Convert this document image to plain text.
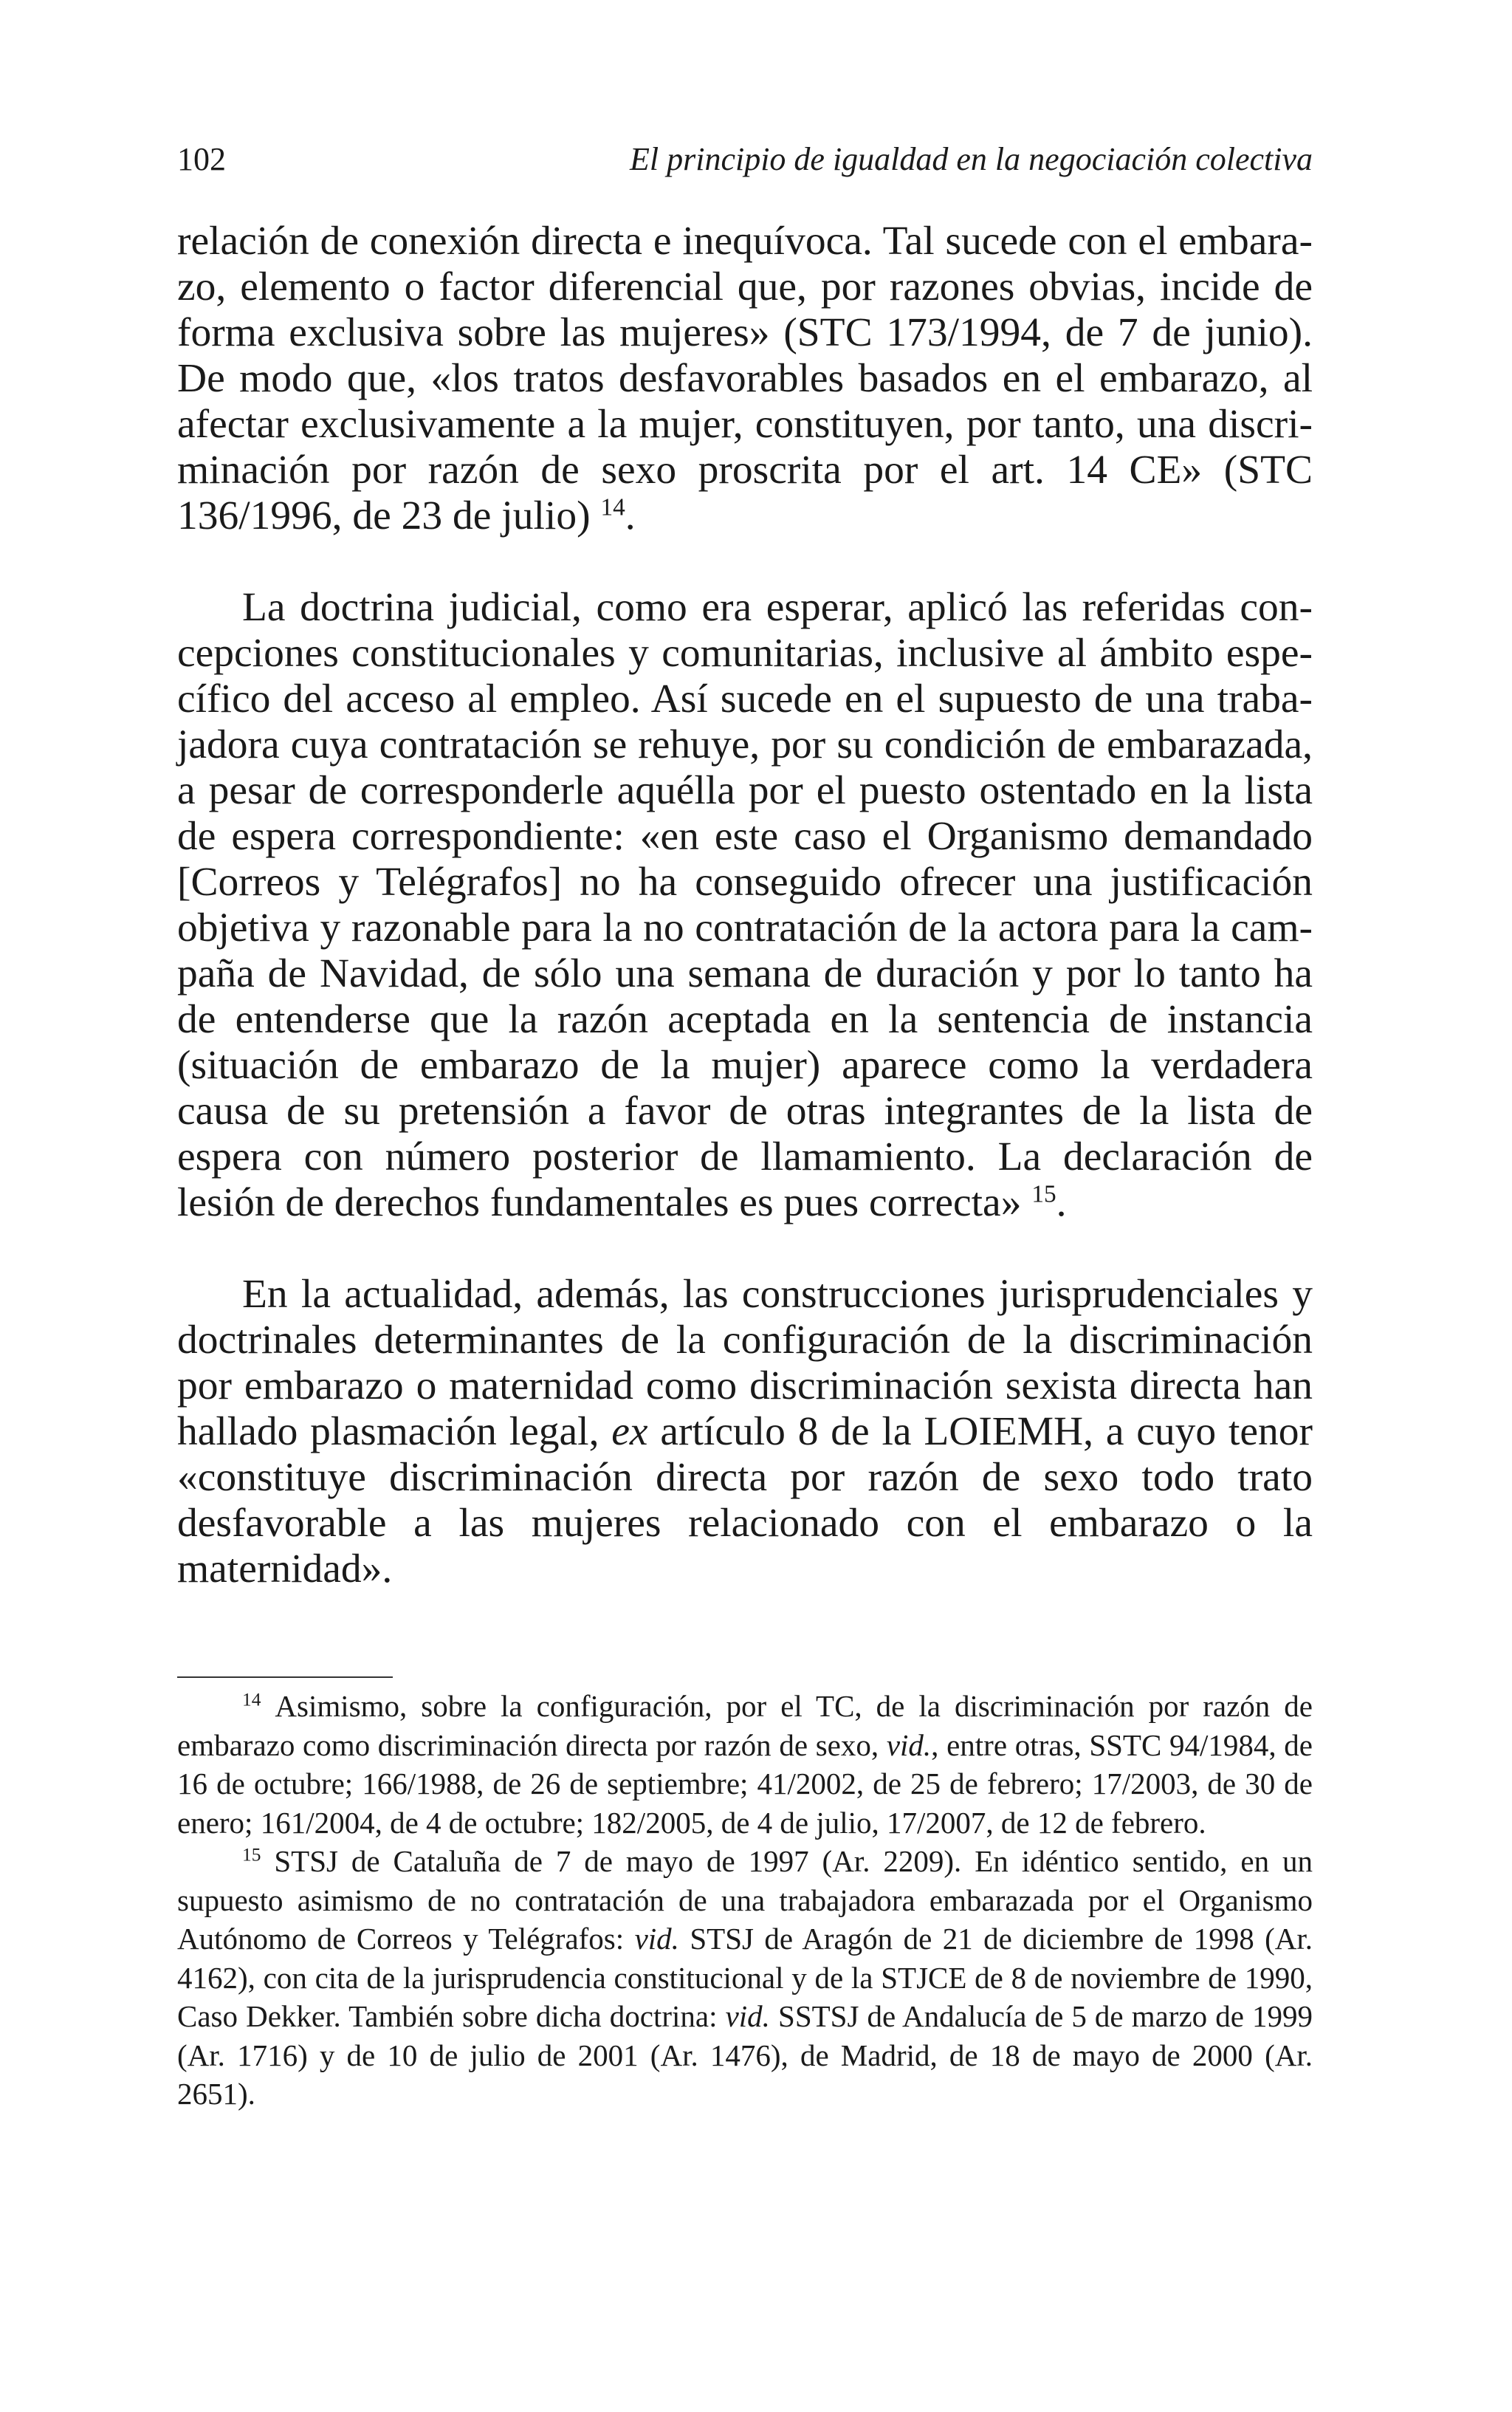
102	El principio de igualdad en la negociación colectiva

relación de conexión directa e inequívoca. Tal sucede con el embarazo, elemento o factor diferencial que, por razones obvias, incide de forma exclusiva sobre las mujeres» (STC 173/1994, de 7 de junio). De modo que, «los tratos desfavorables basados en el embarazo, al afectar exclusivamente a la mujer, constituyen, por tanto, una discriminación por razón de sexo proscrita por el art. 14 CE» (STC 136/1996, de 23 de julio) $^{14}$.

La doctrina judicial, como era esperar, aplicó las referidas concepciones constitucionales y comunitarias, inclusive al ámbito específico del acceso al empleo. Así sucede en el supuesto de una trabajadora cuya contratación se rehuye, por su condición de embarazada, a pesar de corresponderle aquélla por el puesto ostentado en la lista de espera correspondiente: «en este caso el Organismo demandado [Correos y Telégrafos] no ha conseguido ofrecer una justificación objetiva y razonable para la no contratación de la actora para la campaña de Navidad, de sólo una semana de duración y por lo tanto ha de entenderse que la razón aceptada en la sentencia de instancia (situación de embarazo de la mujer) aparece como la verdadera causa de su pretensión a favor de otras integrantes de la lista de espera con número posterior de llamamiento. La declaración de lesión de derechos fundamentales es pues correcta» $^{15}$.

En la actualidad, además, las construcciones jurisprudenciales y doctrinales determinantes de la configuración de la discriminación por embarazo o maternidad como discriminación sexista directa han hallado plasmación legal, ex artículo 8 de la LOIEMH, a cuyo tenor «constituye discriminación directa por razón de sexo todo trato desfavorable a las mujeres relacionado con el embarazo o la maternidad».

$^{14}$ Asimismo, sobre la configuración, por el TC, de la discriminación por razón de embarazo como discriminación directa por razón de sexo, vid., entre otras, SSTC 94/1984, de 16 de octubre; 166/1988, de 26 de septiembre; 41/2002, de 25 de febrero; 17/2003, de 30 de enero; 161/2004, de 4 de octubre; 182/2005, de 4 de julio, 17/2007, de 12 de febrero.

$^{15}$ STSJ de Cataluña de 7 de mayo de 1997 (Ar. 2209). En idéntico sentido, en un supuesto asimismo de no contratación de una trabajadora embarazada por el Organismo Autónomo de Correos y Telégrafos: vid. STSJ de Aragón de 21 de diciembre de 1998 (Ar. 4162), con cita de la jurisprudencia constitucional y de la STJCE de 8 de noviembre de 1990, Caso Dekker. También sobre dicha doctrina: vid. SSTSJ de Andalucía de 5 de marzo de 1999 (Ar. 1716) y de 10 de julio de 2001 (Ar. 1476), de Madrid, de 18 de mayo de 2000 (Ar. 2651).
